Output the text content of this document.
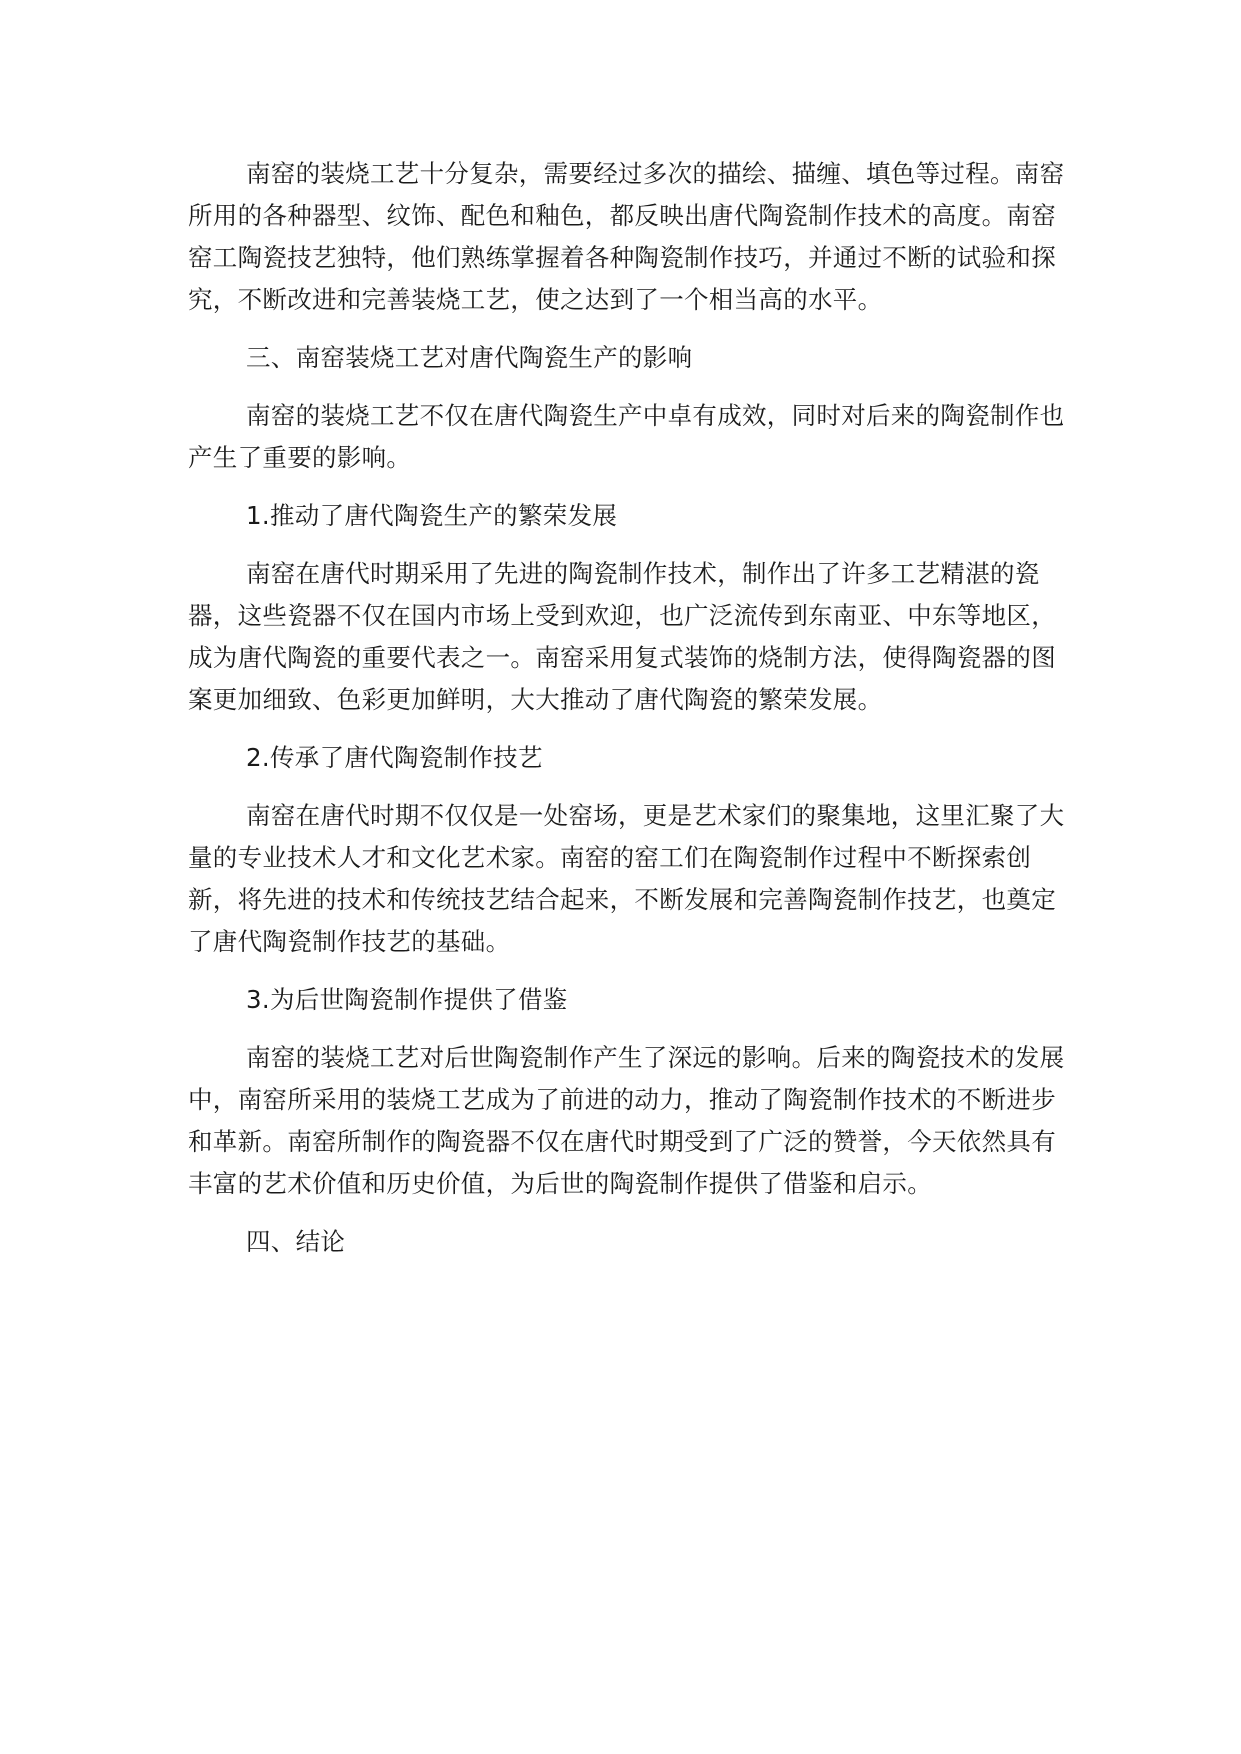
南窑的装烧工艺十分复杂，需要经过多次的描绘、描缠、填色等过程。南窑所用的各种器型、纹饰、配色和釉色，都反映出唐代陶瓷制作技术的高度。南窑窑工陶瓷技艺独特，他们熟练掌握着各种陶瓷制作技巧，并通过不断的试验和探究，不断改进和完善装烧工艺，使之达到了一个相当高的水平。

三、南窑装烧工艺对唐代陶瓷生产的影响

南窑的装烧工艺不仅在唐代陶瓷生产中卓有成效，同时对后来的陶瓷制作也产生了重要的影响。

1.推动了唐代陶瓷生产的繁荣发展

南窑在唐代时期采用了先进的陶瓷制作技术，制作出了许多工艺精湛的瓷器，这些瓷器不仅在国内市场上受到欢迎，也广泛流传到东南亚、中东等地区，成为唐代陶瓷的重要代表之一。南窑采用复式装饰的烧制方法，使得陶瓷器的图案更加细致、色彩更加鲜明，大大推动了唐代陶瓷的繁荣发展。

2.传承了唐代陶瓷制作技艺

南窑在唐代时期不仅仅是一处窑场，更是艺术家们的聚集地，这里汇聚了大量的专业技术人才和文化艺术家。南窑的窑工们在陶瓷制作过程中不断探索创新，将先进的技术和传统技艺结合起来，不断发展和完善陶瓷制作技艺，也奠定了唐代陶瓷制作技艺的基础。

3.为后世陶瓷制作提供了借鉴

南窑的装烧工艺对后世陶瓷制作产生了深远的影响。后来的陶瓷技术的发展中，南窑所采用的装烧工艺成为了前进的动力，推动了陶瓷制作技术的不断进步和革新。南窑所制作的陶瓷器不仅在唐代时期受到了广泛的赞誉，今天依然具有丰富的艺术价值和历史价值，为后世的陶瓷制作提供了借鉴和启示。

四、结论
